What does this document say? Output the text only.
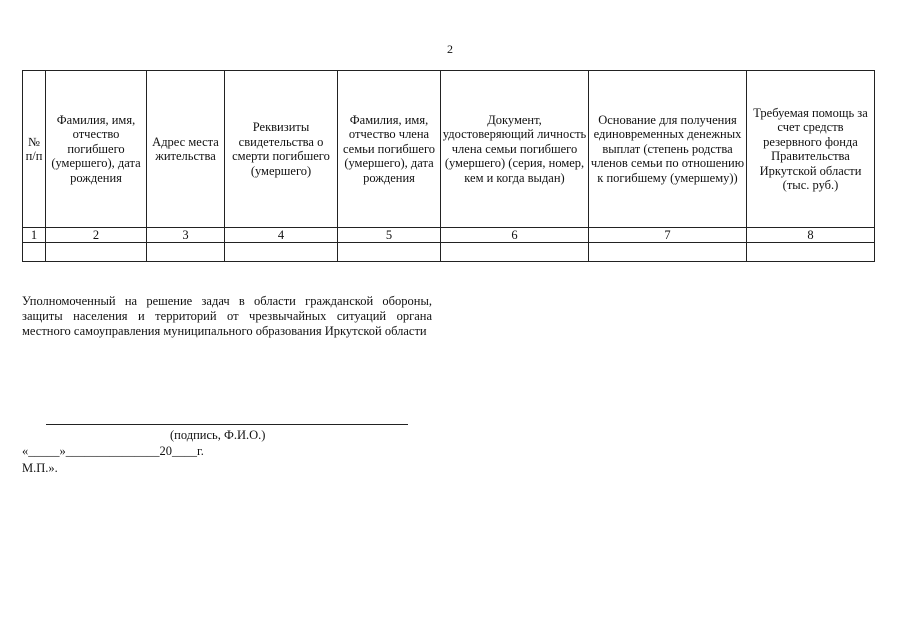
2
№ п/п	Фамилия, имя, отчество погибшего (умершего), дата рождения	Адрес места жительства	Реквизиты свидетельства о смерти погибшего (умершего)	Фамилия, имя, отчество члена семьи погибшего (умершего), дата рождения	Документ, удостоверяющий личность члена семьи погибшего (умершего) (серия, номер, кем и когда выдан)	Основание для получения единовременных денежных выплат (степень родства членов семьи по отношению к погибшему (умершему))	Требуемая помощь за счет средств резервного фонда Правительства Иркутской области (тыс. руб.)
1	2	3	4	5	6	7	8

Уполномоченный на решение задач в области гражданской обороны, защиты населения и территорий от чрезвычайных ситуаций органа местного самоуправления муниципального образования Иркутской области
(подпись, Ф.И.О.)
«_____»_______________20____г.
М.П.».
